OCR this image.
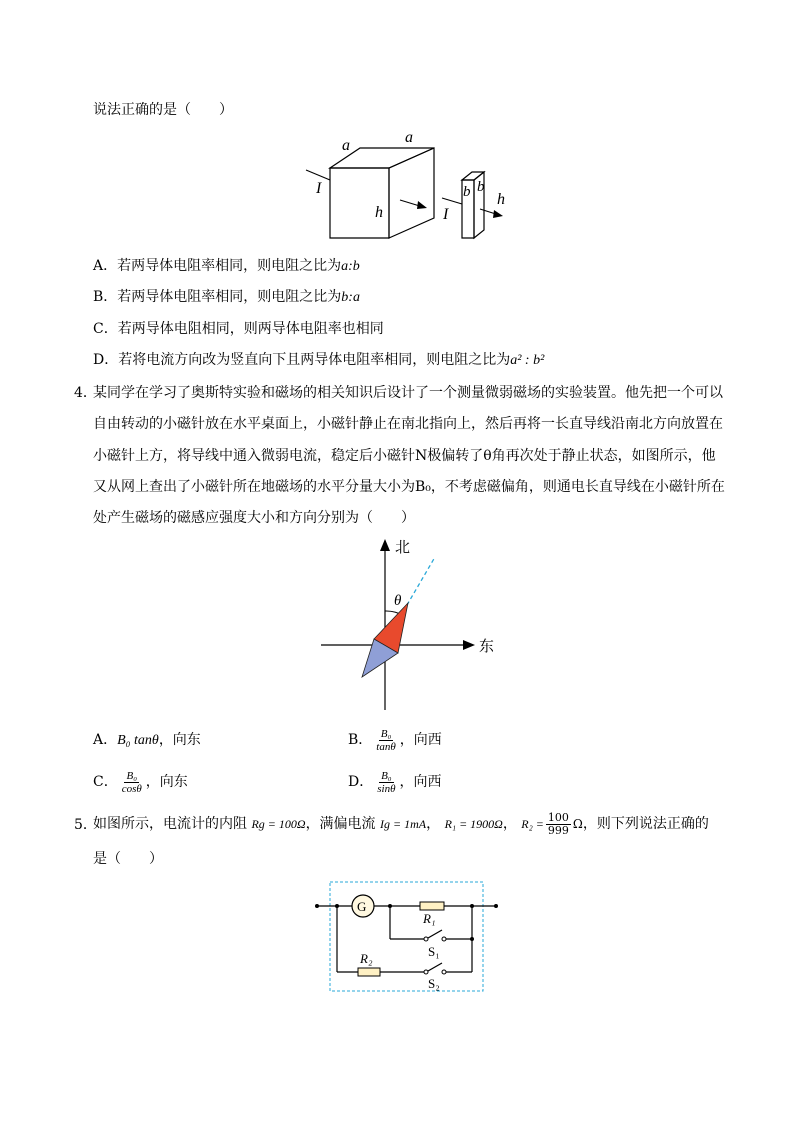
说法正确的是（　　）
a	a
I
h	I
b b
h
A．若两导体电阻率相同，则电阻之比为a:b
B．若两导体电阻率相同，则电阻之比为b:a
C．若两导体电阻相同，则两导体电阻率也相同
D．若将电流方向改为竖直向下且两导体电阻率相同，则电阻之比为a² : b²
4．
某同学在学习了奥斯特实验和磁场的相关知识后设计了一个测量微弱磁场的实验装置。他先把一个可以
自由转动的小磁针放在水平桌面上，小磁针静止在南北指向上，然后再将一长直导线沿南北方向放置在
小磁针上方，将导线中通入微弱电流，稳定后小磁针N极偏转了θ角再次处于静止状态，如图所示，他
又从网上查出了小磁针所在地磁场的水平分量大小为B₀，不考虑磁偏角，则通电长直导线在小磁针所在
处产生磁场的磁感应强度大小和方向分别为（　　）
θ
北
东
A．B₀ tanθ，向东	B． $\frac{\text{B₀}}{\tan\theta}$ ，向西
C． $\frac{\text{B₀}}{\cos\theta}$ ，向东	D． $\frac{\text{B₀}}{\sin\theta}$ ，向西
5．
如图所示，电流计的内阻 Rg = 100Ω，满偏电流 Ig = 1mA， R₁ = 1900Ω， $R_2 = \frac{100}{999}$ Ω，则下列说法正确的
是（　　）
G
R₁
S₁
R₂
S₂
